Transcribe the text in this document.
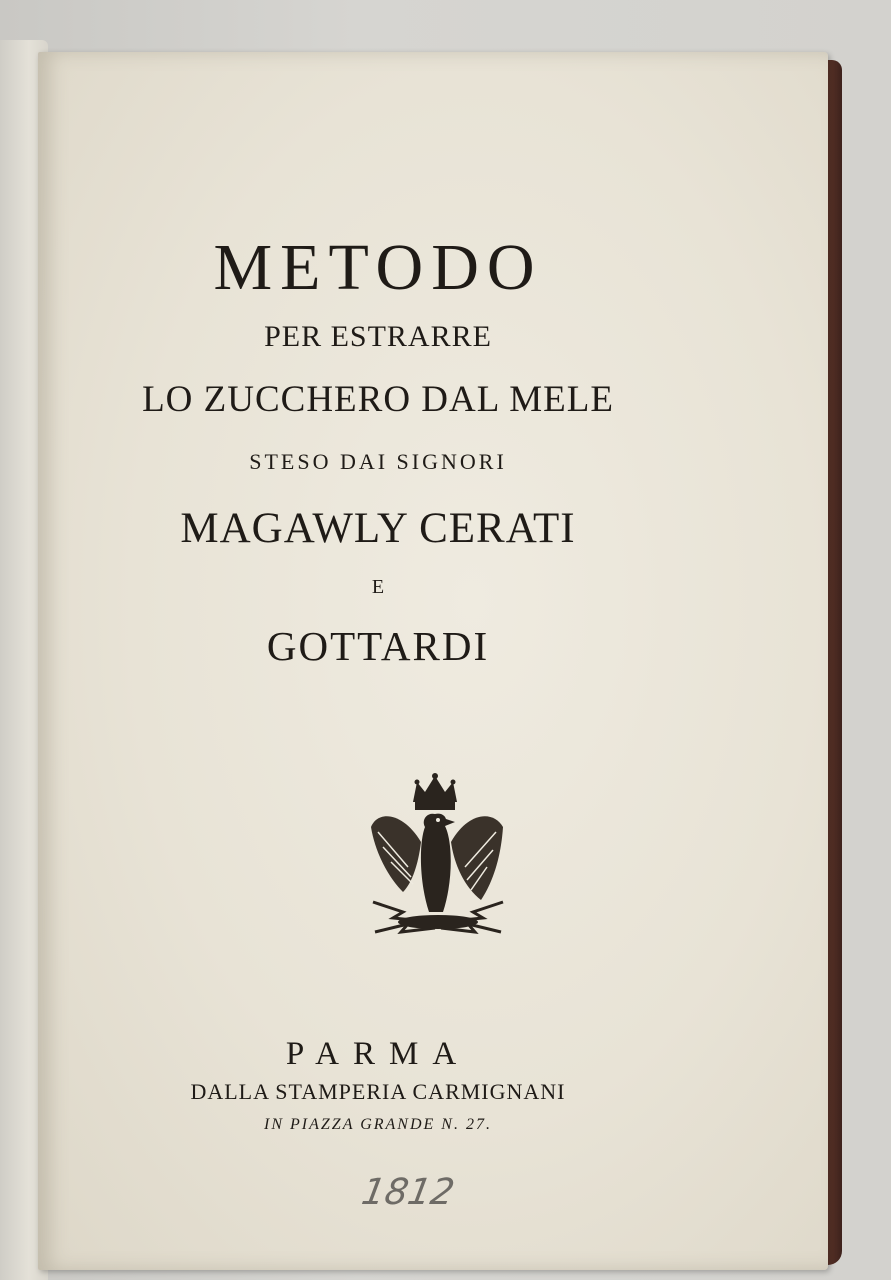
METODO
PER ESTRARRE
LO ZUCCHERO DAL MELE
STESO DAI SIGNORI
MAGAWLY CERATI
E
GOTTARDI
PARMA
DALLA STAMPERIA CARMIGNANI
IN PIAZZA GRANDE N. 27.
1812
